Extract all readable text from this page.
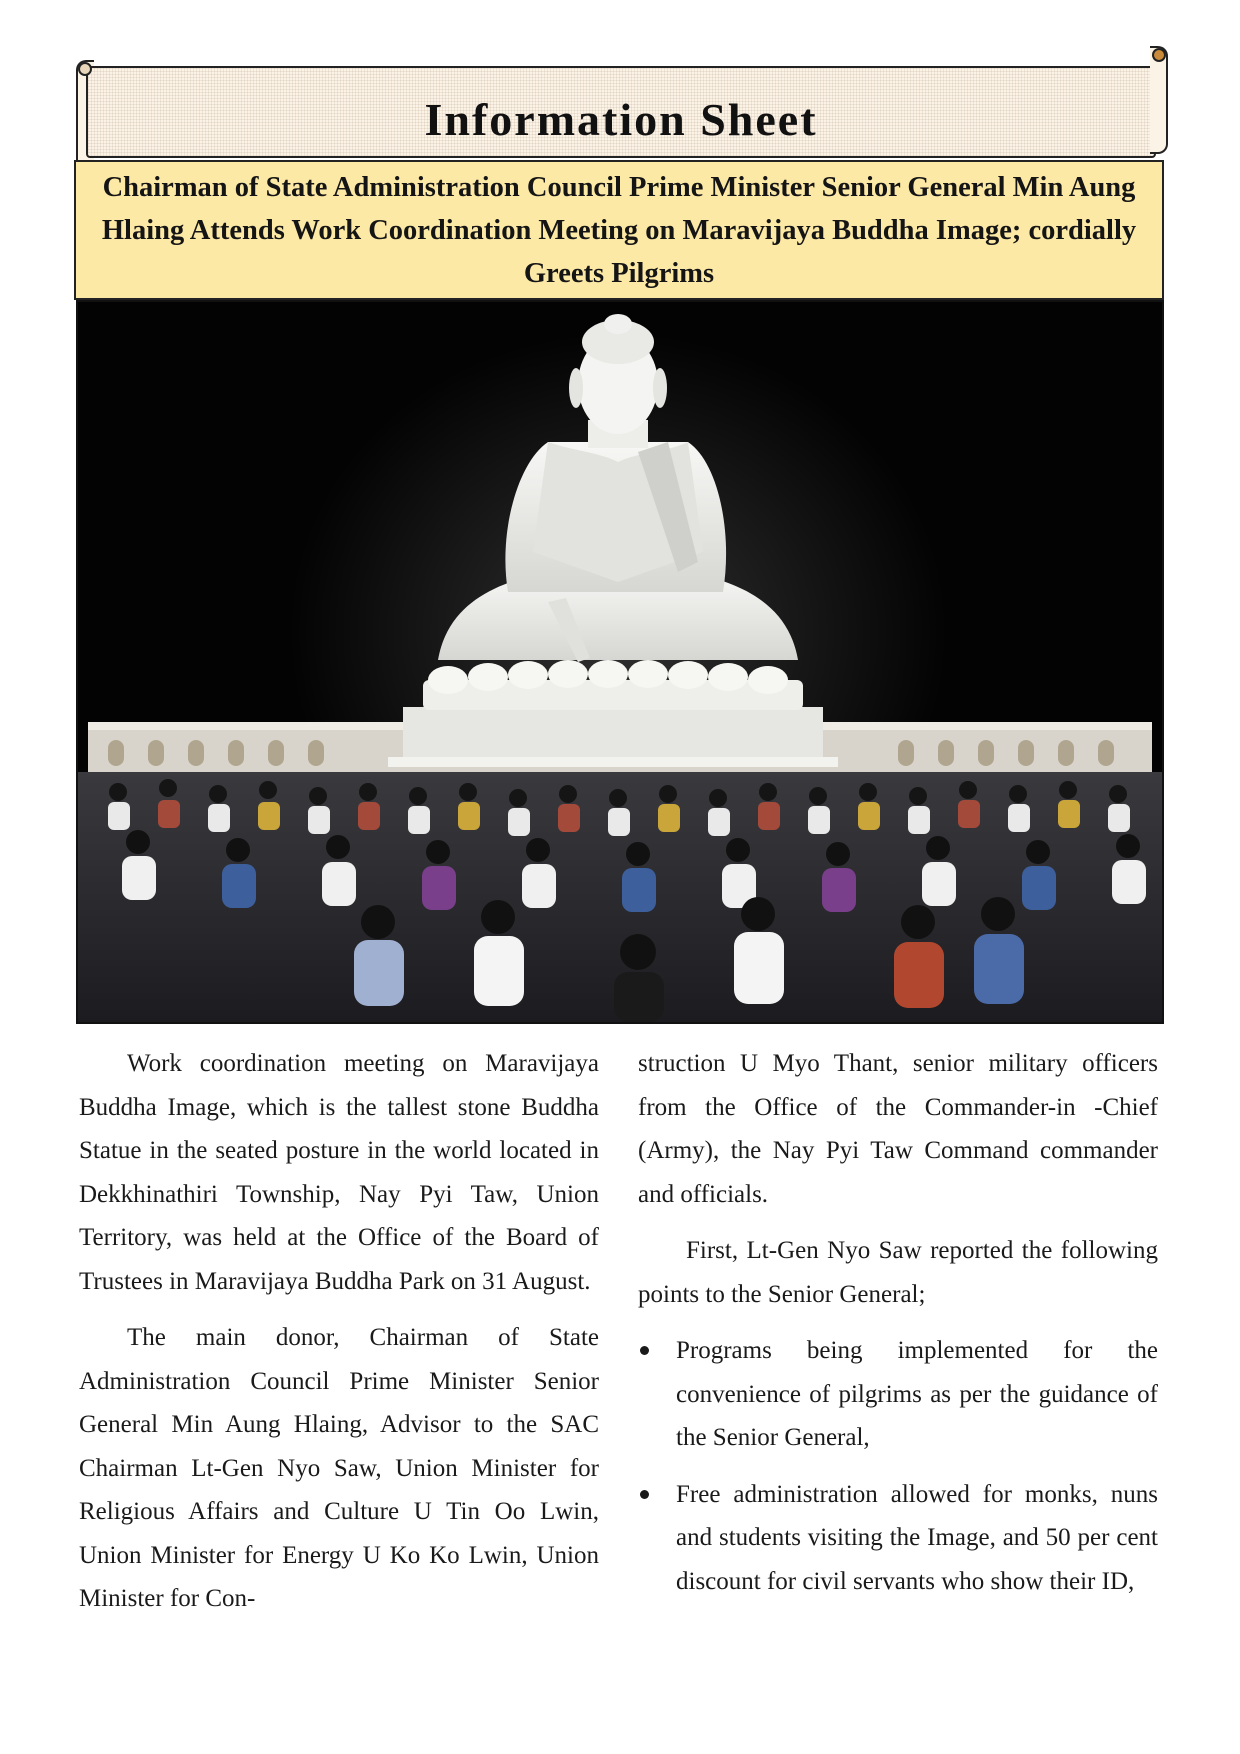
Information Sheet
Chairman of State Administration Council Prime Minister Senior General Min Aung Hlaing Attends Work Coordination Meeting on Maravijaya Buddha Image; cordially Greets Pilgrims

Work coordination meeting on Maravijaya Buddha Image, which is the tallest stone Buddha Statue in the seated posture in the world located in Dekkhinathiri Township, Nay Pyi Taw, Union Territory, was held at the Office of the Board of Trustees in Maravijaya Buddha Park on 31 August.

The main donor, Chairman of State Administration Council Prime Minister Senior General Min Aung Hlaing, Advisor to the SAC Chairman Lt-Gen Nyo Saw, Union Minister for Religious Affairs and Culture U Tin Oo Lwin, Union Minister for Energy U Ko Ko Lwin, Union Minister for Con-

struction U Myo Thant, senior military officers from the Office of the Commander-in -Chief (Army), the Nay Pyi Taw Command commander and officials.

First, Lt-Gen Nyo Saw reported the following points to the Senior General;

Programs being implemented for the convenience of pilgrims as per the guidance of the Senior General,
Free administration allowed for monks, nuns and students visiting the Image, and 50 per cent discount for civil servants who show their ID,
